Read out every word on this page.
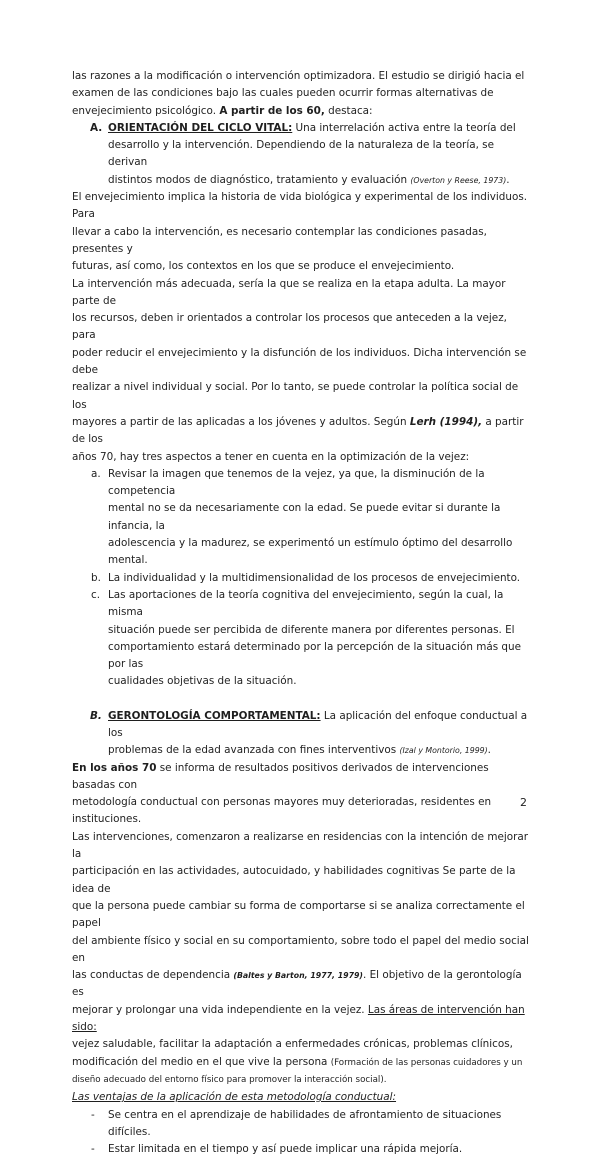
las razones a la modificación o intervención optimizadora. El estudio se dirigió hacia el

examen de las condiciones bajo las cuales pueden ocurrir formas alternativas de

envejecimiento psicológico. A partir de los 60, destaca:

A. ORIENTACIÓN DEL CICLO VITAL: Una interrelación activa entre la teoría del

desarrollo y la intervención. Dependiendo de la naturaleza de la teoría, se derivan

distintos modos de diagnóstico, tratamiento y evaluación (Overton y Reese, 1973).

El envejecimiento implica la historia de vida biológica y experimental de los individuos. Para

llevar a cabo la intervención, es necesario contemplar las condiciones pasadas, presentes y

futuras, así como, los contextos en los que se produce el envejecimiento.

La intervención más adecuada, sería la que se realiza en la etapa adulta. La mayor parte de

los recursos, deben ir orientados a controlar los procesos que anteceden a la vejez, para

poder reducir el envejecimiento y la disfunción de los individuos. Dicha intervención se debe

realizar a nivel individual y social. Por lo tanto, se puede controlar la política social de los

mayores a partir de las aplicadas a los jóvenes y adultos. Según Lerh (1994), a partir de los

años 70, hay tres aspectos a tener en cuenta en la optimización de la vejez:

a. Revisar la imagen que tenemos de la vejez, ya que, la disminución de la competencia

mental no se da necesariamente con la edad. Se puede evitar si durante la infancia, la

adolescencia y la madurez, se experimentó un estímulo óptimo del desarrollo mental.

b. La individualidad y la multidimensionalidad de los procesos de envejecimiento.

c. Las aportaciones de la teoría cognitiva del envejecimiento, según la cual, la misma

situación puede ser percibida de diferente manera por diferentes personas. El

comportamiento estará determinado por la percepción de la situación más que por las

cualidades objetivas de la situación.

B. GERONTOLOGÍA COMPORTAMENTAL: La aplicación del enfoque conductual a los

problemas de la edad avanzada con fines interventivos (Izal y Montorio, 1999).

En los años 70 se informa de resultados positivos derivados de intervenciones basadas con

metodología conductual con personas mayores muy deterioradas, residentes en instituciones.

Las intervenciones, comenzaron a realizarse en residencias con la intención de mejorar la

participación en las actividades, autocuidado, y habilidades cognitivas Se parte de la idea de

que la persona puede cambiar su forma de comportarse si se analiza correctamente el papel

del ambiente físico y social en su comportamiento, sobre todo el papel del medio social en

las conductas de dependencia (Baltes y Barton, 1977, 1979). El objetivo de la gerontología es

mejorar y prolongar una vida independiente en la vejez. Las áreas de intervención han sido:

vejez saludable, facilitar la adaptación a enfermedades crónicas, problemas clínicos,

modificación del medio en el que vive la persona (Formación de las personas cuidadores y un

diseño adecuado del entorno físico para promover la interacción social).

Las ventajas de la aplicación de esta metodología conductual:

- Se centra en el aprendizaje de habilidades de afrontamiento de situaciones difíciles.

- Estar limitada en el tiempo y así puede implicar una rápida mejoría.

2
